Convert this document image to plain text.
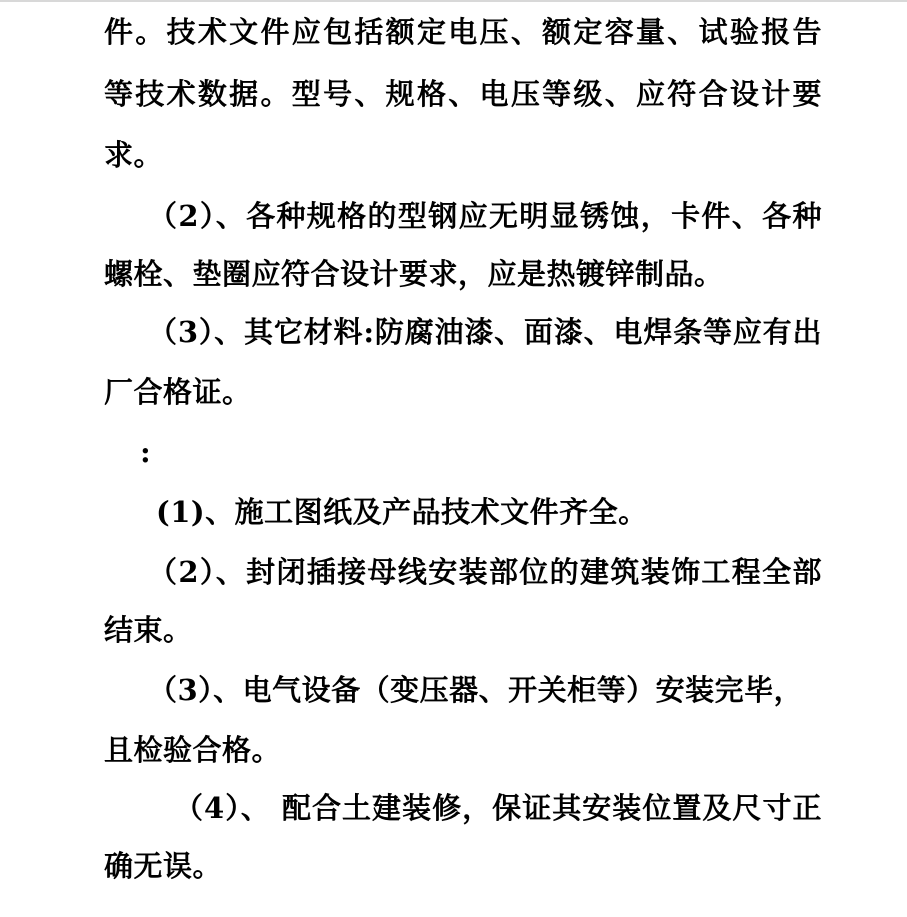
件。技术文件应包括额定电压、额定容量、试验报告
等技术数据。型号、规格、电压等级、应符合设计要
求。
（2）、各种规格的型钢应无明显锈蚀，卡件、各种
螺栓、垫圈应符合设计要求，应是热镀锌制品。
（3）、其它材料:防腐油漆、面漆、电焊条等应有出
厂合格证。
:
(1)、施工图纸及产品技术文件齐全。
（2）、封闭插接母线安装部位的建筑装饰工程全部
结束。
（3）、电气设备（变压器、开关柜等）安装完毕，
且检验合格。
（4）、 配合土建装修，保证其安装位置及尺寸正
确无误。
